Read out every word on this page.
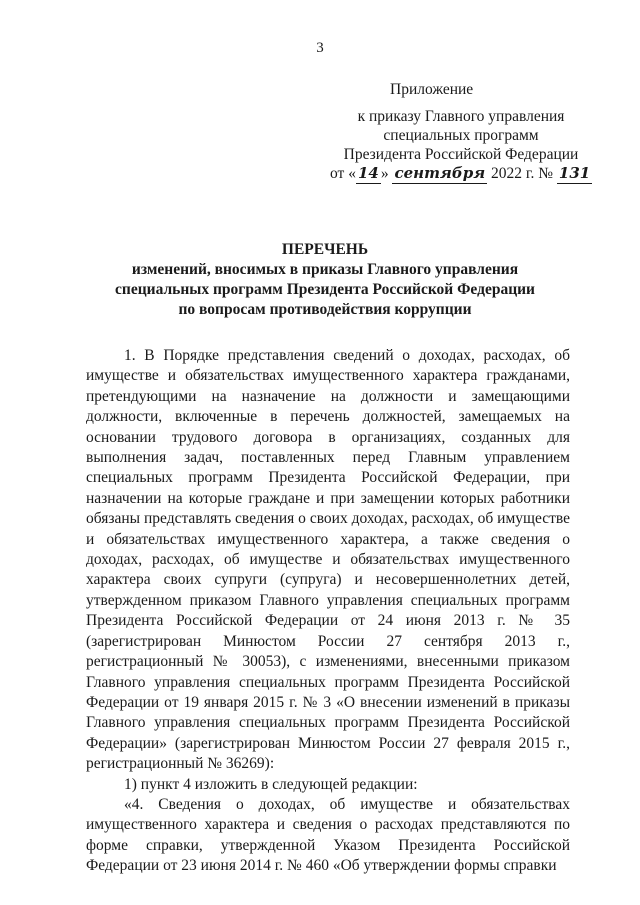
3
Приложение
к приказу Главного управления
специальных программ
Президента Российской Федерации
от « 14 » сентября 2022 г. № 131
ПЕРЕЧЕНЬ
изменений, вносимых в приказы Главного управления
специальных программ Президента Российской Федерации
по вопросам противодействия коррупции

1. В Порядке представления сведений о доходах, расходах, об имуществе и обязательствах имущественного характера гражданами, претендующими на назначение на должности и замещающими должности, включенные в перечень должностей, замещаемых на основании трудового договора в организациях, созданных для выполнения задач, поставленных перед Главным управлением специальных программ Президента Российской Федерации, при назначении на которые граждане и при замещении которых работники обязаны представлять сведения о своих доходах, расходах, об имуществе и обязательствах имущественного характера, а также сведения о доходах, расходах, об имуществе и обязательствах имущественного характера своих супруги (супруга) и несовершеннолетних детей, утвержденном приказом Главного управления специальных программ Президента Российской Федерации от 24 июня 2013 г. № 35 (зарегистрирован Минюстом России 27 сентября 2013 г., регистрационный № 30053), с изменениями, внесенными приказом Главного управления специальных программ Президента Российской Федерации от 19 января 2015 г. № 3 «О внесении изменений в приказы Главного управления специальных программ Президента Российской Федерации» (зарегистрирован Минюстом России 27 февраля 2015 г., регистрационный № 36269):

1) пункт 4 изложить в следующей редакции:

«4. Сведения о доходах, об имуществе и обязательствах имущественного характера и сведения о расходах представляются по форме справки, утвержденной Указом Президента Российской Федерации от 23 июня 2014 г. № 460 «Об утверждении формы справки
